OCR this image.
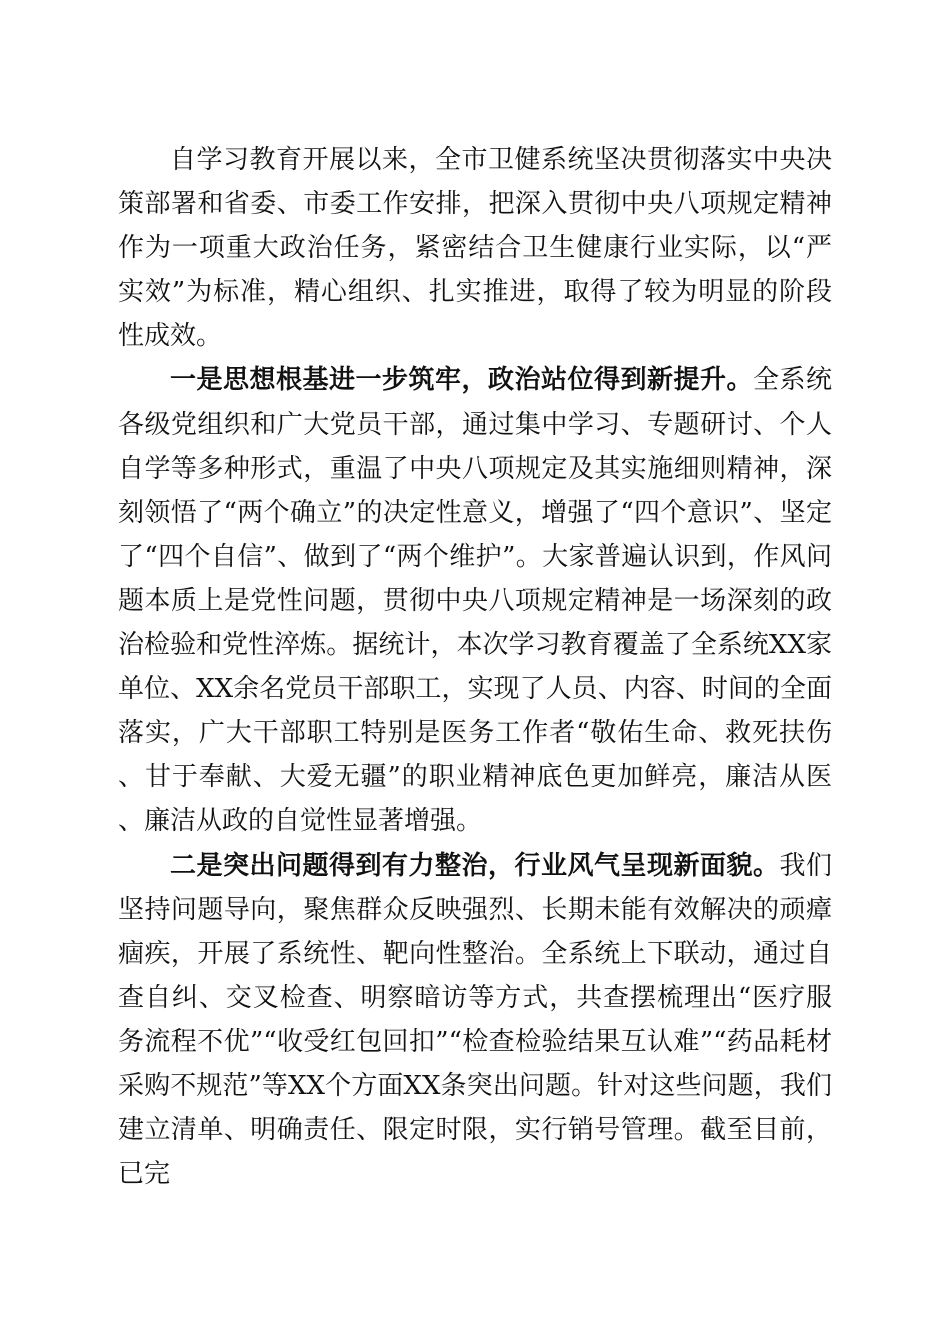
自学习教育开展以来，全市卫健系统坚决贯彻落实中央决策部署和省委、市委工作安排，把深入贯彻中央八项规定精神作为一项重大政治任务，紧密结合卫生健康行业实际，以“严实效”为标准，精心组织、扎实推进，取得了较为明显的阶段性成效。

一是思想根基进一步筑牢，政治站位得到新提升。全系统各级党组织和广大党员干部，通过集中学习、专题研讨、个人自学等多种形式，重温了中央八项规定及其实施细则精神，深刻领悟了“两个确立”的决定性意义，增强了“四个意识”、坚定了“四个自信”、做到了“两个维护”。大家普遍认识到，作风问题本质上是党性问题，贯彻中央八项规定精神是一场深刻的政治检验和党性淬炼。据统计，本次学习教育覆盖了全系统XX家单位、XX余名党员干部职工，实现了人员、内容、时间的全面落实，广大干部职工特别是医务工作者“敬佑生命、救死扶伤、甘于奉献、大爱无疆”的职业精神底色更加鲜亮，廉洁从医、廉洁从政的自觉性显著增强。

二是突出问题得到有力整治，行业风气呈现新面貌。我们坚持问题导向，聚焦群众反映强烈、长期未能有效解决的顽瘴痼疾，开展了系统性、靶向性整治。全系统上下联动，通过自查自纠、交叉检查、明察暗访等方式，共查摆梳理出“医疗服务流程不优”“收受红包回扣”“检查检验结果互认难”“药品耗材采购不规范”等XX个方面XX条突出问题。针对这些问题，我们建立清单、明确责任、限定时限，实行销号管理。截至目前，已完
